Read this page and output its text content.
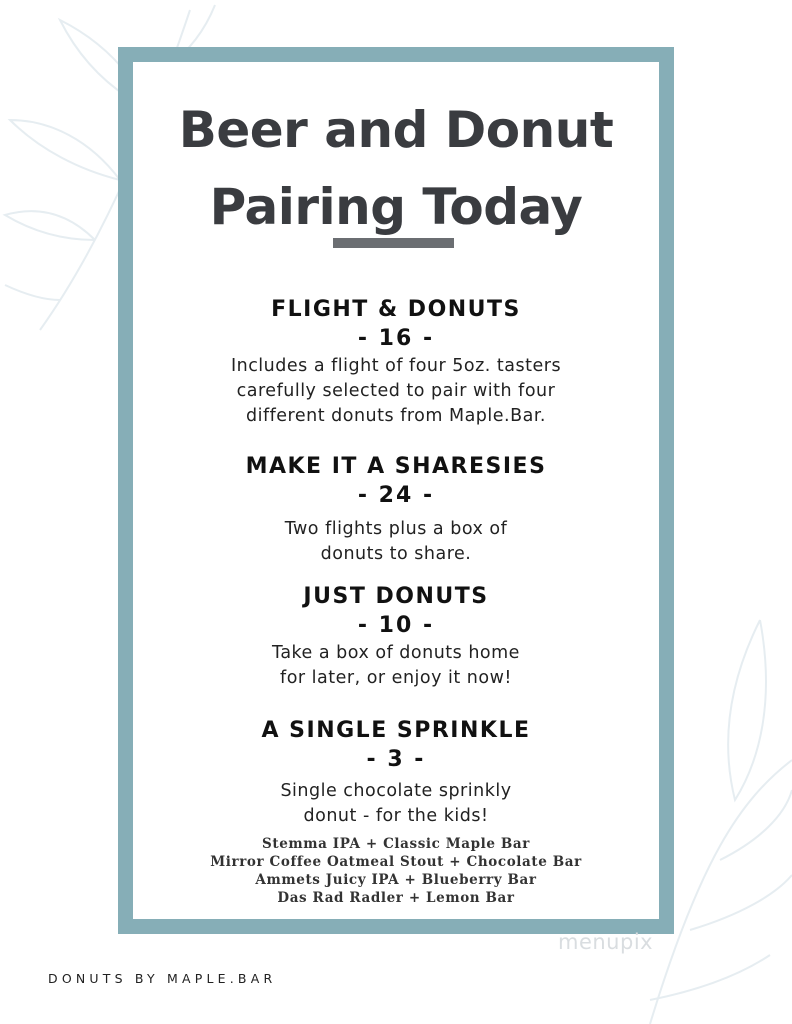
Beer and Donut
Pairing Today

FLIGHT & DONUTS

- 16 -

Includes a flight of four 5oz. tasters
carefully selected to pair with four
different donuts from Maple.Bar.

MAKE IT A SHARESIES

- 24 -

Two flights plus a box of
donuts to share.

JUST DONUTS

- 10 -

Take a box of donuts home
for later, or enjoy it now!

A SINGLE SPRINKLE

- 3 -

Single chocolate sprinkly
donut - for the kids!

Stemma IPA + Classic Maple Bar
Mirror Coffee Oatmeal Stout + Chocolate Bar
Ammets Juicy IPA + Blueberry Bar
Das Rad Radler + Lemon Bar
menupix
DONUTS BY MAPLE.BAR
